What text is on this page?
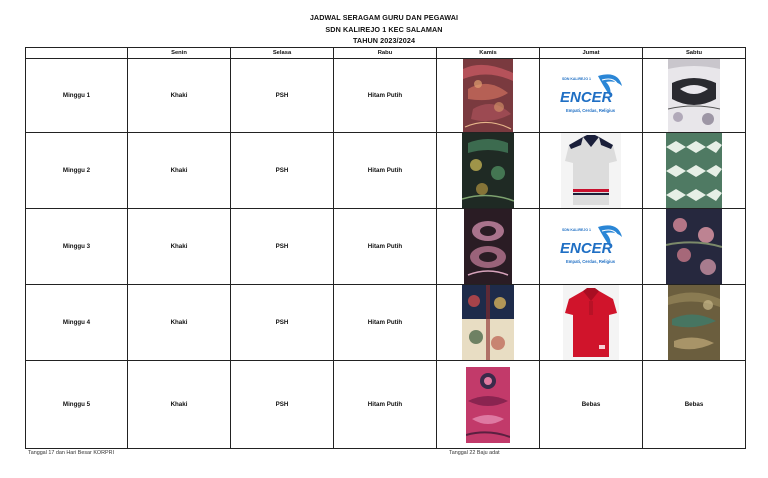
JADWAL SERAGAM GURU DAN PEGAWAI
SDN KALIREJO 1 KEC SALAMAN
TAHUN 2023/2024
	Senin	Selasa	Rabu	Kamis	Jumat	Sabtu
Minggu 1	Khaki	PSH	Hitam Putih		SDN KALIREJO 1
ENCER
Empati, Cerdas, Religius

Minggu 2	Khaki	PSH	Hitam Putih	

Minggu 3	Khaki	PSH	Hitam Putih		SDN KALIREJO 1
ENCER
Empati, Cerdas, Religius

Minggu 4	Khaki	PSH	Hitam Putih	

Minggu 5	Khaki	PSH	Hitam Putih		Bebas	Bebas
Tanggal 17 dan Hari Besar KORPRI	Tanggal 22 Baju adat
